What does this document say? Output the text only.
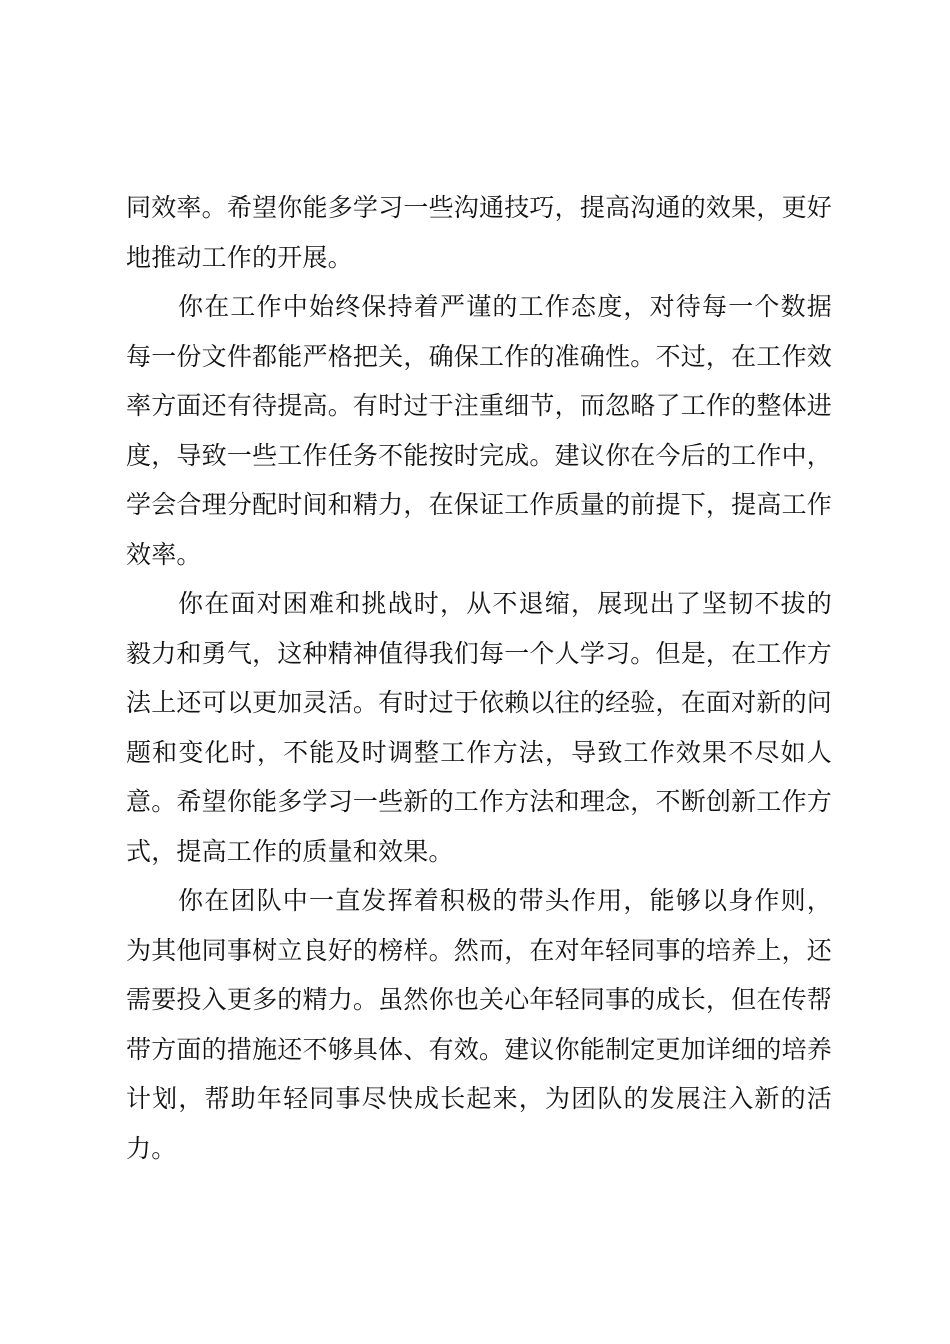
同效率。希望你能多学习一些沟通技巧，提高沟通的效果，更好地推动工作的开展。

你在工作中始终保持着严谨的工作态度，对待每一个数据每一份文件都能严格把关，确保工作的准确性。不过，在工作效率方面还有待提高。有时过于注重细节，而忽略了工作的整体进度，导致一些工作任务不能按时完成。建议你在今后的工作中，学会合理分配时间和精力，在保证工作质量的前提下，提高工作效率。

你在面对困难和挑战时，从不退缩，展现出了坚韧不拔的毅力和勇气，这种精神值得我们每一个人学习。但是，在工作方法上还可以更加灵活。有时过于依赖以往的经验，在面对新的问题和变化时，不能及时调整工作方法，导致工作效果不尽如人意。希望你能多学习一些新的工作方法和理念，不断创新工作方式，提高工作的质量和效果。

你在团队中一直发挥着积极的带头作用，能够以身作则，为其他同事树立良好的榜样。然而，在对年轻同事的培养上，还需要投入更多的精力。虽然你也关心年轻同事的成长，但在传帮带方面的措施还不够具体、有效。建议你能制定更加详细的培养计划，帮助年轻同事尽快成长起来，为团队的发展注入新的活力。
